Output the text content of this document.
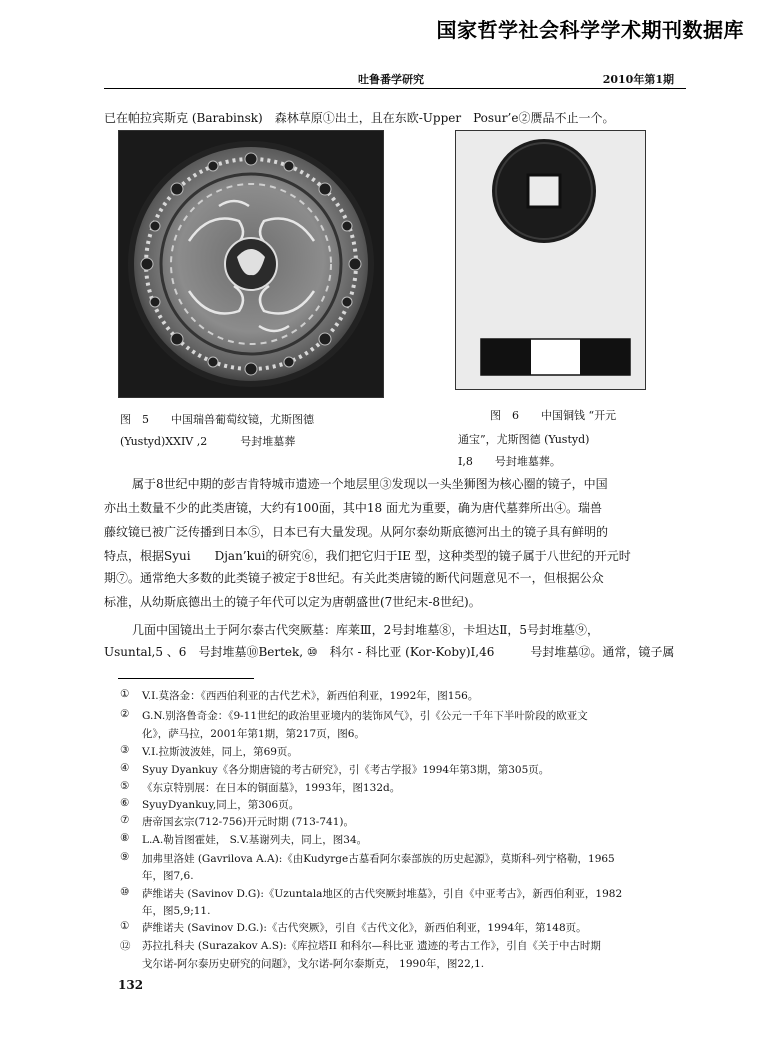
国家哲学社会科学学术期刊数据库
吐鲁番学研究	2010年第1期
已在帕拉宾斯克 (Barabinsk)　森林草原①出土，且在东欧-Upper　Posur’e②赝品不止一个。
图　5　　中国瑞兽葡萄纹镜，尤斯图德
(Yustyd)XXIV ,2　　　号封堆墓葬
图　6　　中国铜钱 “开元
通宝”，尤斯图德 (Yustyd)
I,8　　号封堆墓葬。
属于8世纪中期的彭吉肯特城市遗迹一个地层里③发现以一头坐狮图为核心圈的镜子，中国
亦出土数量不少的此类唐镜，大约有100面，其中18 面尤为重要，确为唐代墓葬所出④。瑞兽
藤纹镜已被广泛传播到日本⑤，日本已有大量发现。从阿尔泰幼斯底德河出土的镜子具有鲜明的
特点，根据Syui　　Djan’kui的研究⑥，我们把它归于IE 型，这种类型的镜子属于八世纪的开元时
期⑦。通常绝大多数的此类镜子被定于8世纪。有关此类唐镜的断代问题意见不一，但根据公众
标准，从幼斯底德出土的镜子年代可以定为唐朝盛世(7世纪末-8世纪)。
几面中国镜出土于阿尔泰古代突厥墓：库莱Ⅲ，2号封堆墓⑧，卡坦达Ⅱ，5号封堆墓⑨，
Usuntal,5 、6　号封堆墓⑩Bertek, ⑩　科尔 - 科比亚 (Kor-Koby)I,46　　　号封堆墓⑫。通常，镜子属
① V.I.莫洛金：《西西伯利亚的古代艺术》，新西伯利亚，1992年，图156。
② G.N.别洛鲁奇金：《9-11世纪的政治里亚境内的装饰风气》，引《公元一千年下半叶阶段的欧亚文
化》，萨马拉，2001年第1期，第217页，图6。
③ V.I.拉斯波波娃，同上，第69页。
④ Syuy Dyankuy《各分期唐镜的考古研究》，引《考古学报》1994年第3期，第305页。
⑤ 《东京特别展：在日本的铜面墓》，1993年，图132d。
⑥ SyuyDyankuy,同上，第306页。
⑦ 唐帝国玄宗(712-756)开元时期 (713-741)。
⑧ L.A.勒旨图霍娃， S.V.基谢列夫，同上，图34。
⑨ 加弗里洛娃 (Gavrilova A.A):《由Kudyrge古墓看阿尔泰部族的历史起源》，莫斯科-列宁格勒，1965
年，图7,6.
⑩ 萨维诺夫 (Savinov D.G):《Uzuntala地区的古代突厥封堆墓》，引自《中亚考古》，新西伯利亚，1982
年，图5,9;11.
① 萨维诺夫 (Savinov D.G.):《古代突厥》，引自《古代文化》，新西伯利亚，1994年，第148页。
⑫ 苏拉扎科夫 (Surazakov A.S):《库拉塔II 和科尔—科比亚 遗迹的考古工作》，引自《关于中古时期
戈尔诺-阿尔泰历史研究的问题》，戈尔诺-阿尔泰斯克， 1990年，图22,1.
132
